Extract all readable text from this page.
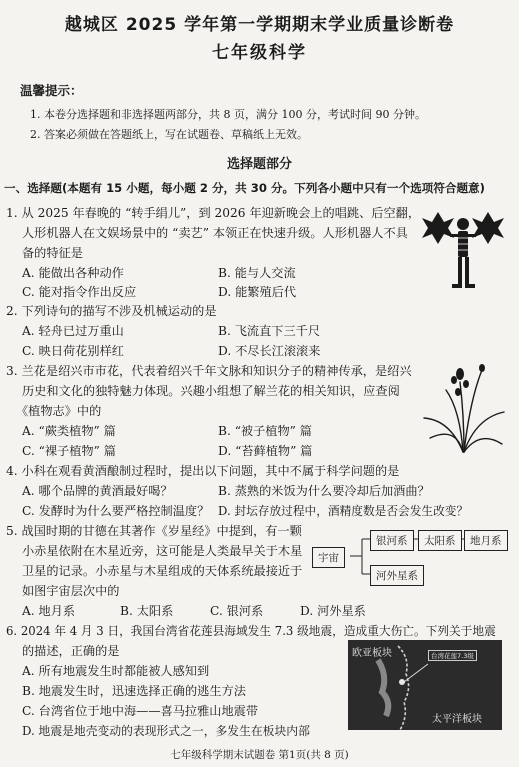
越城区 2025 学年第一学期期末学业质量诊断卷
七年级科学
温馨提示：
1. 本卷分选择题和非选择题两部分，共 8 页，满分 100 分，考试时间 90 分钟。
2. 答案必须做在答题纸上，写在试题卷、草稿纸上无效。
选择题部分
一、选择题(本题有 15 小题，每小题 2 分，共 30 分。下列各小题中只有一个选项符合题意)
1. 从 2025 年春晚的 “转手绢儿”，到 2026 年迎新晚会上的唱跳、后空翻，
人形机器人在文娱场景中的 “卖艺” 本领正在快速升级。人形机器人不具
备的特征是
A. 能做出各种动作	B. 能与人交流
C. 能对指令作出反应	D. 能繁殖后代
2. 下列诗句的描写不涉及机械运动的是
A. 轻舟已过万重山	B. 飞流直下三千尺
C. 映日荷花别样红	D. 不尽长江滚滚来
3. 兰花是绍兴市市花，代表着绍兴千年文脉和知识分子的精神传承，是绍兴
历史和文化的独特魅力体现。兴趣小组想了解兰花的相关知识，应查阅
《植物志》中的
A. “蕨类植物” 篇	B. “被子植物” 篇
C. “裸子植物” 篇	D. “苔藓植物” 篇
4. 小科在观看黄酒酿制过程时，提出以下问题，其中不属于科学问题的是
A. 哪个品牌的黄酒最好喝？	B. 蒸熟的米饭为什么要冷却后加酒曲？
C. 发酵时为什么要严格控制温度？ D. 封坛存放过程中，酒精度数是否会发生改变？
5. 战国时期的甘德在其著作《岁星经》中提到，有一颗
小赤星依附在木星近旁，这可能是人类最早关于木星
卫星的记录。小赤星与木星组成的天体系统最接近于
如图宇宙层次中的
A. 地月系	B. 太阳系	C. 银河系	D. 河外星系
宇宙
银河系	太阳系	地月系
河外星系
6. 2024 年 4 月 3 日，我国台湾省花莲县海域发生 7.3 级地震，造成重大伤亡。下列关于地震
的描述，正确的是
A. 所有地震发生时都能被人感知到
B. 地震发生时，迅速选择正确的逃生方法
C. 台湾省位于地中海——喜马拉雅山地震带
D. 地震是地壳变动的表现形式之一，多发生在板块内部
欧亚板块	台湾花莲7.3级
太平洋板块
七年级科学期末试题卷 第1页(共 8 页)
